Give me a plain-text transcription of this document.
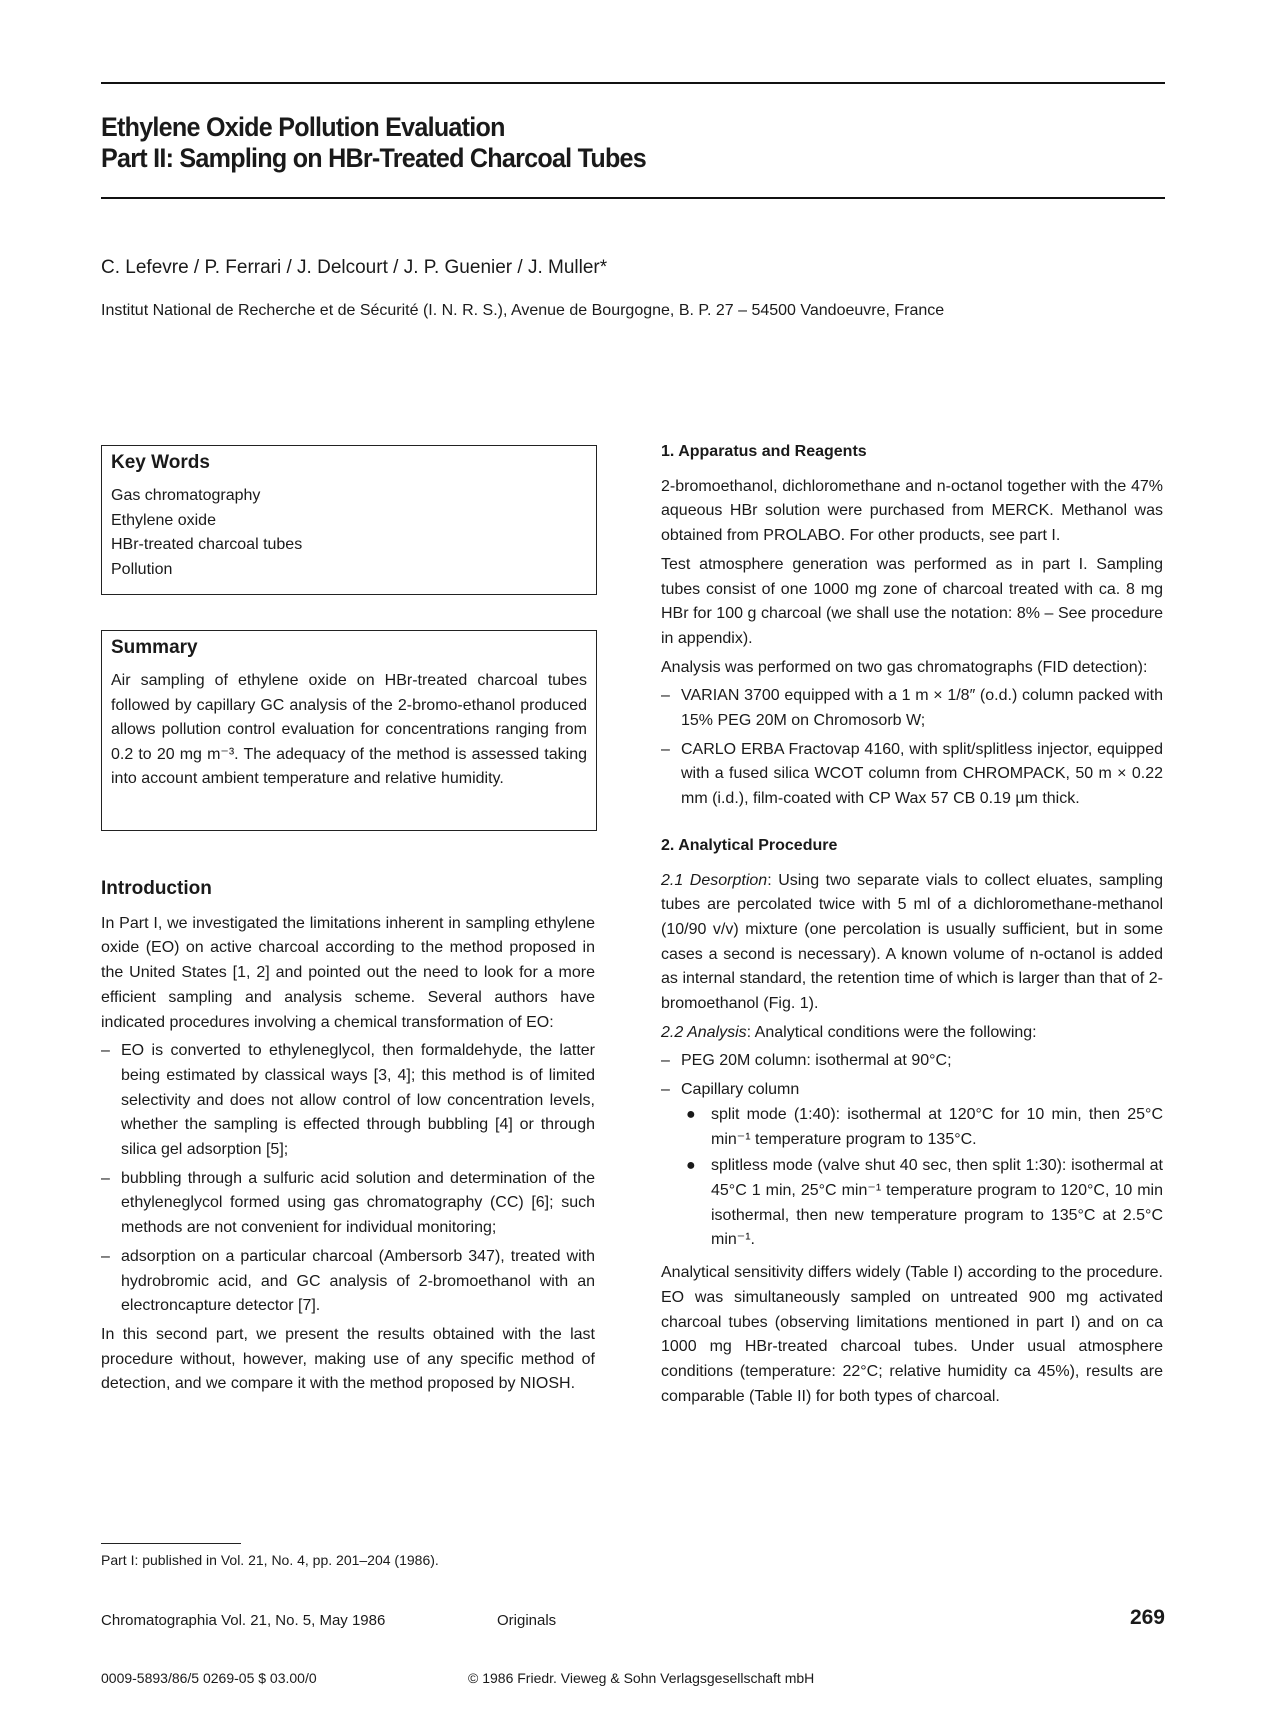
Ethylene Oxide Pollution Evaluation
Part II: Sampling on HBr-Treated Charcoal Tubes
C. Lefevre / P. Ferrari / J. Delcourt / J. P. Guenier / J. Muller*
Institut National de Recherche et de Sécurité (I. N. R. S.), Avenue de Bourgogne, B. P. 27 – 54500 Vandoeuvre, France
Key Words
Gas chromatography
Ethylene oxide
HBr-treated charcoal tubes
Pollution
Summary
Air sampling of ethylene oxide on HBr-treated charcoal tubes followed by capillary GC analysis of the 2-bromo-ethanol produced allows pollution control evaluation for concentrations ranging from 0.2 to 20 mg m⁻³. The adequacy of the method is assessed taking into account ambient temperature and relative humidity.
Introduction

In Part I, we investigated the limitations inherent in sampling ethylene oxide (EO) on active charcoal according to the method proposed in the United States [1, 2] and pointed out the need to look for a more efficient sampling and analysis scheme. Several authors have indicated procedures involving a chemical transformation of EO:

– EO is converted to ethyleneglycol, then formaldehyde, the latter being estimated by classical ways [3, 4]; this method is of limited selectivity and does not allow control of low concentration levels, whether the sampling is effected through bubbling [4] or through silica gel adsorption [5];
– bubbling through a sulfuric acid solution and determination of the ethyleneglycol formed using gas chromatography (CC) [6]; such methods are not convenient for individual monitoring;
– adsorption on a particular charcoal (Ambersorb 347), treated with hydrobromic acid, and GC analysis of 2-bromoethanol with an electroncapture detector [7].

In this second part, we present the results obtained with the last procedure without, however, making use of any specific method of detection, and we compare it with the method proposed by NIOSH.

1. Apparatus and Reagents

2-bromoethanol, dichloromethane and n-octanol together with the 47% aqueous HBr solution were purchased from MERCK. Methanol was obtained from PROLABO. For other products, see part I.

Test atmosphere generation was performed as in part I. Sampling tubes consist of one 1000 mg zone of charcoal treated with ca. 8 mg HBr for 100 g charcoal (we shall use the notation: 8% – See procedure in appendix).

Analysis was performed on two gas chromatographs (FID detection):

– VARIAN 3700 equipped with a 1 m × 1/8″ (o.d.) column packed with 15% PEG 20M on Chromosorb W;
– CARLO ERBA Fractovap 4160, with split/splitless injector, equipped with a fused silica WCOT column from CHROMPACK, 50 m × 0.22 mm (i.d.), film-coated with CP Wax 57 CB 0.19 µm thick.
2. Analytical Procedure

2.1 Desorption: Using two separate vials to collect eluates, sampling tubes are percolated twice with 5 ml of a dichloromethane-methanol (10/90 v/v) mixture (one percolation is usually sufficient, but in some cases a second is necessary). A known volume of n-octanol is added as internal standard, the retention time of which is larger than that of 2-bromoethanol (Fig. 1).

2.2 Analysis: Analytical conditions were the following:

– PEG 20M column: isothermal at 90°C;
– Capillary column
● split mode (1:40): isothermal at 120°C for 10 min, then 25°C min⁻¹ temperature program to 135°C.
● splitless mode (valve shut 40 sec, then split 1:30): isothermal at 45°C 1 min, 25°C min⁻¹ temperature program to 120°C, 10 min isothermal, then new temperature program to 135°C at 2.5°C min⁻¹.

Analytical sensitivity differs widely (Table I) according to the procedure. EO was simultaneously sampled on untreated 900 mg activated charcoal tubes (observing limitations mentioned in part I) and on ca 1000 mg HBr-treated charcoal tubes. Under usual atmosphere conditions (temperature: 22°C; relative humidity ca 45%), results are comparable (Table II) for both types of charcoal.

Part I: published in Vol. 21, No. 4, pp. 201–204 (1986).
Chromatographia Vol. 21, No. 5, May 1986	Originals	269
0009-5893/86/5 0269-05 $ 03.00/0	© 1986 Friedr. Vieweg & Sohn Verlagsgesellschaft mbH
